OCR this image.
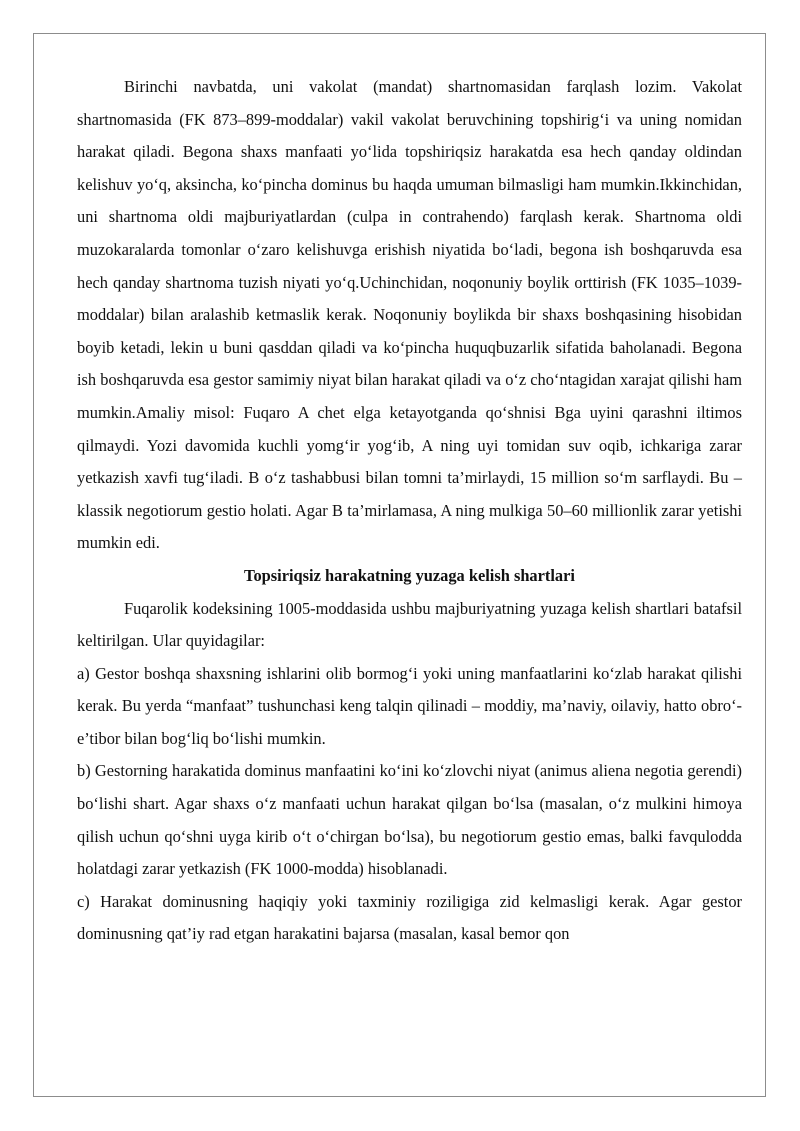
Birinchi navbatda, uni vakolat (mandat) shartnomasidan farqlash lozim. Vakolat shartnomasida (FK 873–899-moddalar) vakil vakolat beruvchining topshirig‘i va uning nomidan harakat qiladi. Begona shaxs manfaati yo‘lida topshiriqsiz harakatda esa hech qanday oldindan kelishuv yo‘q, aksincha, ko‘pincha dominus bu haqda umuman bilmasligi ham mumkin.Ikkinchidan, uni shartnoma oldi majburiyatlardan (culpa in contrahendo) farqlash kerak. Shartnoma oldi muzokaralarda tomonlar o‘zaro kelishuvga erishish niyatida bo‘ladi, begona ish boshqaruvda esa hech qanday shartnoma tuzish niyati yo‘q.Uchinchidan, noqonuniy boylik orttirish (FK 1035–1039-moddalar) bilan aralashib ketmaslik kerak. Noqonuniy boylikda bir shaxs boshqasining hisobidan boyib ketadi, lekin u buni qasddan qiladi va ko‘pincha huquqbuzarlik sifatida baholanadi. Begona ish boshqaruvda esa gestor samimiy niyat bilan harakat qiladi va o‘z cho‘ntagidan xarajat qilishi ham mumkin.Amaliy misol: Fuqaro A chet elga ketayotganda qo‘shnisi Bga uyini qarashni iltimos qilmaydi. Yozi davomida kuchli yomg‘ir yog‘ib, A ning uyi tomidan suv oqib, ichkariga zarar yetkazish xavfi tug‘iladi. B o‘z tashabbusi bilan tomni ta’mirlaydi, 15 million so‘m sarflaydi. Bu – klassik negotiorum gestio holati. Agar B ta’mirlamasa, A ning mulkiga 50–60 millionlik zarar yetishi mumkin edi.

Topsiriqsiz harakatning yuzaga kelish shartlari

Fuqarolik kodeksining 1005-moddasida ushbu majburiyatning yuzaga kelish shartlari batafsil keltirilgan. Ular quyidagilar:

a) Gestor boshqa shaxsning ishlarini olib bormog‘i yoki uning manfaatlarini ko‘zlab harakat qilishi kerak. Bu yerda “manfaat” tushunchasi keng talqin qilinadi – moddiy, ma’naviy, oilaviy, hatto obro‘-e’tibor bilan bog‘liq bo‘lishi mumkin.

b) Gestorning harakatida dominus manfaatini ko‘ini ko‘zlovchi niyat (animus aliena negotia gerendi) bo‘lishi shart. Agar shaxs o‘z manfaati uchun harakat qilgan bo‘lsa (masalan, o‘z mulkini himoya qilish uchun qo‘shni uyga kirib o‘t o‘chirgan bo‘lsa), bu negotiorum gestio emas, balki favqulodda holatdagi zarar yetkazish (FK 1000-modda) hisoblanadi.

c) Harakat dominusning haqiqiy yoki taxminiy roziligiga zid kelmasligi kerak. Agar gestor dominusning qat’iy rad etgan harakatini bajarsa (masalan, kasal bemor qon
